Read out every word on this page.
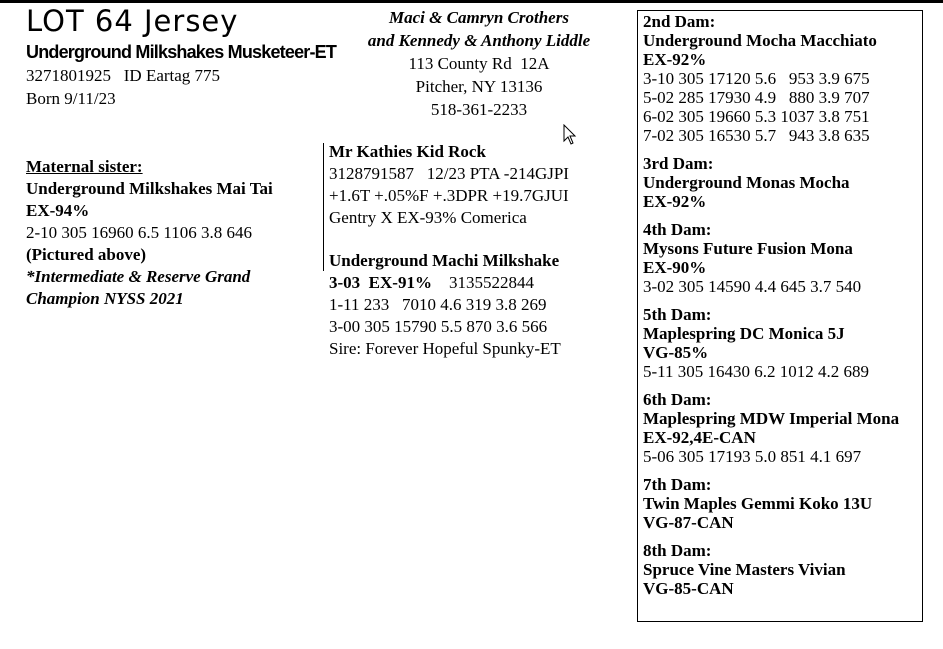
LOT 64 Jersey
Underground Milkshakes Musketeer-ET
3271801925   ID Eartag 775
Born 9/11/23
Maternal sister:
Underground Milkshakes Mai Tai
EX-94%
2-10 305 16960 6.5 1106 3.8 646
(Pictured above)
*Intermediate & Reserve Grand
Champion NYSS 2021
Maci & Camryn Crothers
and Kennedy & Anthony Liddle
113 County Rd  12A
Pitcher, NY 13136
518-361-2233
Mr Kathies Kid Rock
3128791587   12/23 PTA -214GJPI
+1.6T +.05%F +.3DPR +19.7GJUI
Gentry X EX-93% Comerica
Underground Machi Milkshake
3-03  EX-91% 3135522844
1-11 233   7010 4.6 319 3.8 269
3-00 305 15790 5.5 870 3.6 566
Sire: Forever Hopeful Spunky-ET
2nd Dam:
Underground Mocha Macchiato
EX-92%
3-10 305 17120 5.6   953 3.9 675
5-02 285 17930 4.9   880 3.9 707
6-02 305 19660 5.3 1037 3.8 751
7-02 305 16530 5.7   943 3.8 635
3rd Dam:
Underground Monas Mocha
EX-92%
4th Dam:
Mysons Future Fusion Mona
EX-90%
3-02 305 14590 4.4 645 3.7 540
5th Dam:
Maplespring DC Monica 5J
VG-85%
5-11 305 16430 6.2 1012 4.2 689
6th Dam:
Maplespring MDW Imperial Mona
EX-92,4E-CAN
5-06 305 17193 5.0 851 4.1 697
7th Dam:
Twin Maples Gemmi Koko 13U
VG-87-CAN
8th Dam:
Spruce Vine Masters Vivian
VG-85-CAN
